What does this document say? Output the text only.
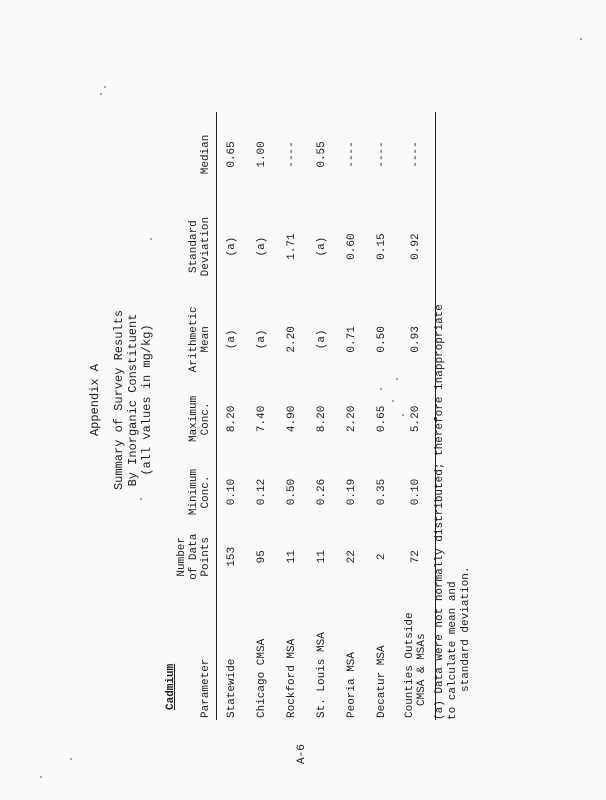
Appendix A Summary of Survey Results By Inorganic Constituent (all values in mg/kg)
Cadmium Parameter	Number of Data Points	Minimum Conc.	Maximum Conc.	Arithmetic Mean	Standard Deviation	Median
Statewide	153	0.10	8.20	(a)	(a)	0.65
Chicago CMSA	95	0.12	7.40	(a)	(a)	1.00
Rockford MSA	11	0.50	4.90	2.20	1.71	----
St. Louis MSA	11	0.26	8.20	(a)	(a)	0.55
Peoria MSA	22	0.19	2.20	0.71	0.60	----
Decatur MSA	2	0.35	0.65	0.50	0.15	----

Counties Outside CMSA & MSAs	72	0.10	5.20	0.93	0.92	----
(a) Data were not normally distributed; therefore inappropriate to calculate mean and standard deviation.
A-6
